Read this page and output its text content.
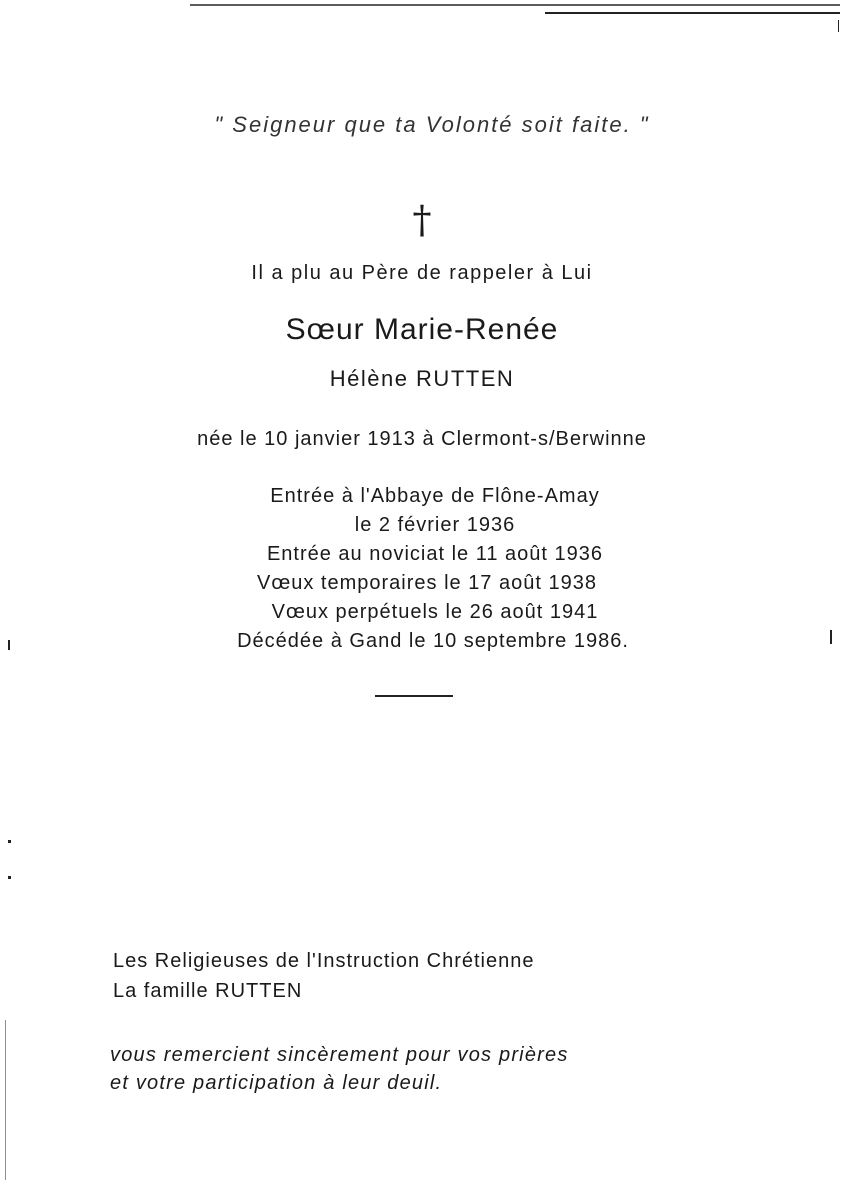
" Seigneur que ta Volonté soit faite. "
†
Il a plu au Père de rappeler à Lui
Sœur Marie-Renée
Hélène RUTTEN
née le 10 janvier 1913 à Clermont-s/Berwinne
Entrée à l'Abbaye de Flône-Amay
le 2 février 1936
Entrée au noviciat le 11 août 1936
Vœux temporaires le 17 août 1938
Vœux perpétuels le 26 août 1941
Décédée à Gand le 10 septembre 1986.
Les Religieuses de l'Instruction Chrétienne
La famille RUTTEN
vous remercient sincèrement pour vos prières
et votre participation à leur deuil.
